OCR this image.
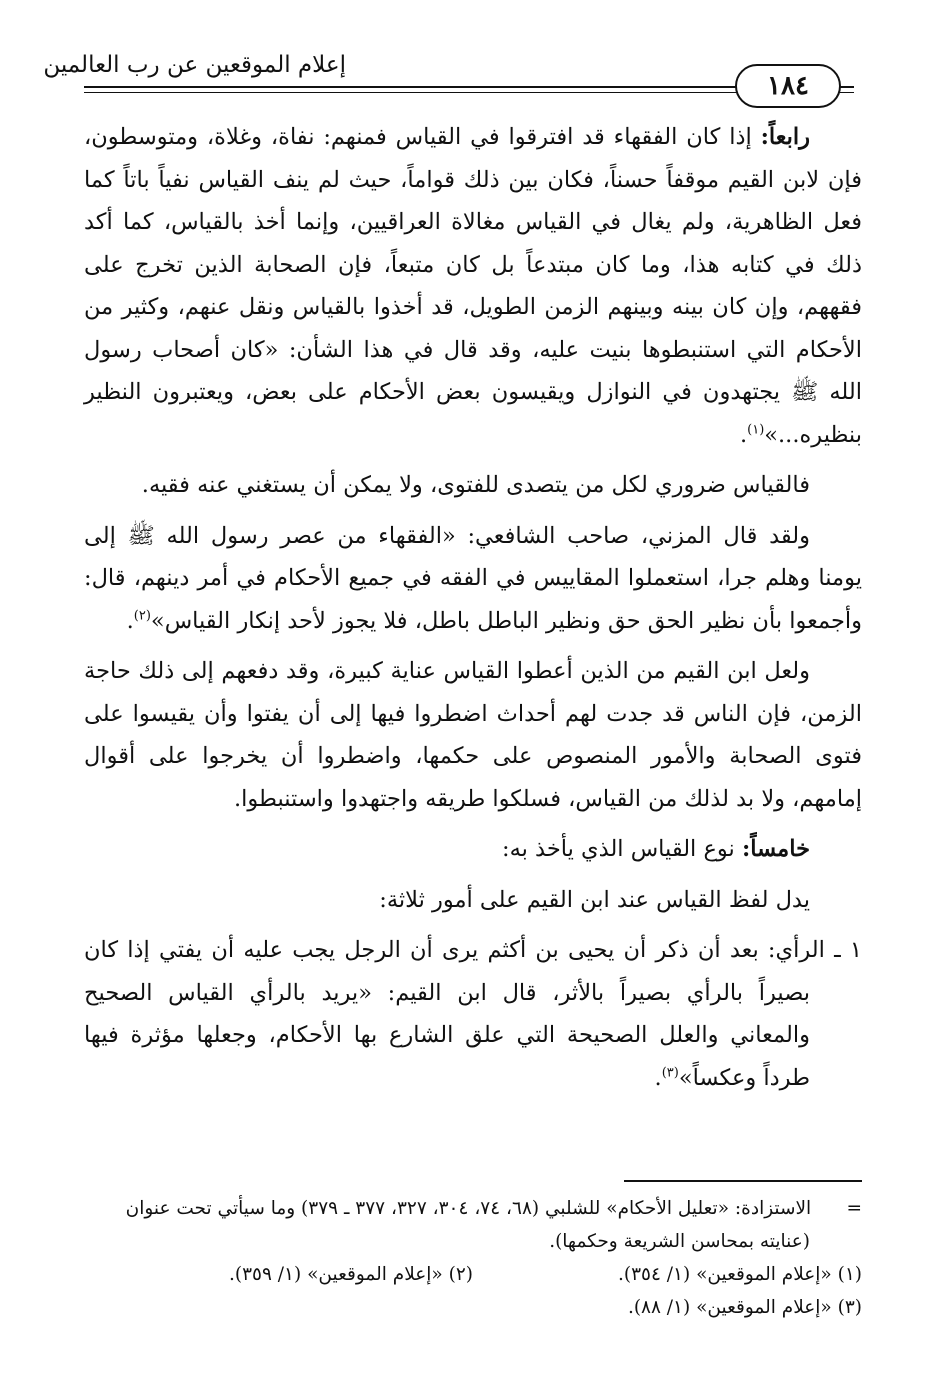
إعلام الموقعين عن رب العالمين
١٨٤

رابعاً: إذا كان الفقهاء قد افترقوا في القياس فمنهم: نفاة، وغلاة، ومتوسطون، فإن لابن القيم موقفاً حسناً، فكان بين ذلك قواماً، حيث لم ينف القياس نفياً باتاً كما فعل الظاهرية، ولم يغال في القياس مغالاة العراقيين، وإنما أخذ بالقياس، كما أكد ذلك في كتابه هذا، وما كان مبتدعاً بل كان متبعاً، فإن الصحابة الذين تخرج على فقههم، وإن كان بينه وبينهم الزمن الطويل، قد أخذوا بالقياس ونقل عنهم، وكثير من الأحكام التي استنبطوها بنيت عليه، وقد قال في هذا الشأن: «كان أصحاب رسول الله ﷺ يجتهدون في النوازل ويقيسون بعض الأحكام على بعض، ويعتبرون النظير بنظيره...»$^{(١)}$.

فالقياس ضروري لكل من يتصدى للفتوى، ولا يمكن أن يستغني عنه فقيه.

ولقد قال المزني، صاحب الشافعي: «الفقهاء من عصر رسول الله ﷺ إلى يومنا وهلم جرا، استعملوا المقاييس في الفقه في جميع الأحكام في أمر دينهم، قال: وأجمعوا بأن نظير الحق حق ونظير الباطل باطل، فلا يجوز لأحد إنكار القياس»$^{(٢)}$.

ولعل ابن القيم من الذين أعطوا القياس عناية كبيرة، وقد دفعهم إلى ذلك حاجة الزمن، فإن الناس قد جدت لهم أحداث اضطروا فيها إلى أن يفتوا وأن يقيسوا على فتوى الصحابة والأمور المنصوص على حكمها، واضطروا أن يخرجوا على أقوال إمامهم، ولا بد لذلك من القياس، فسلكوا طريقه واجتهدوا واستنبطوا.

خامساً: نوع القياس الذي يأخذ به:

يدل لفظ القياس عند ابن القيم على أمور ثلاثة:

١ ـ الرأي: بعد أن ذكر أن يحيى بن أكثم يرى أن الرجل يجب عليه أن يفتي إذا كان بصيراً بالرأي بصيراً بالأثر، قال ابن القيم: «يريد بالرأي القياس الصحيح والمعاني والعلل الصحيحة التي علق الشارع بها الأحكام، وجعلها مؤثرة فيها طرداً وعكساً»$^{(٣)}$.

=      الاستزادة: «تعليل الأحكام» للشلبي (٦٨، ٧٤، ٣٠٤، ٣٢٧، ٣٧٧ ـ ٣٧٩) وما سيأتي تحت عنوان (عنايته بمحاسن الشريعة وحكمها).

(١) «إعلام الموقعين» (١/ ٣٥٤).

(٢) «إعلام الموقعين» (١/ ٣٥٩).

(٣) «إعلام الموقعين» (١/ ٨٨).
